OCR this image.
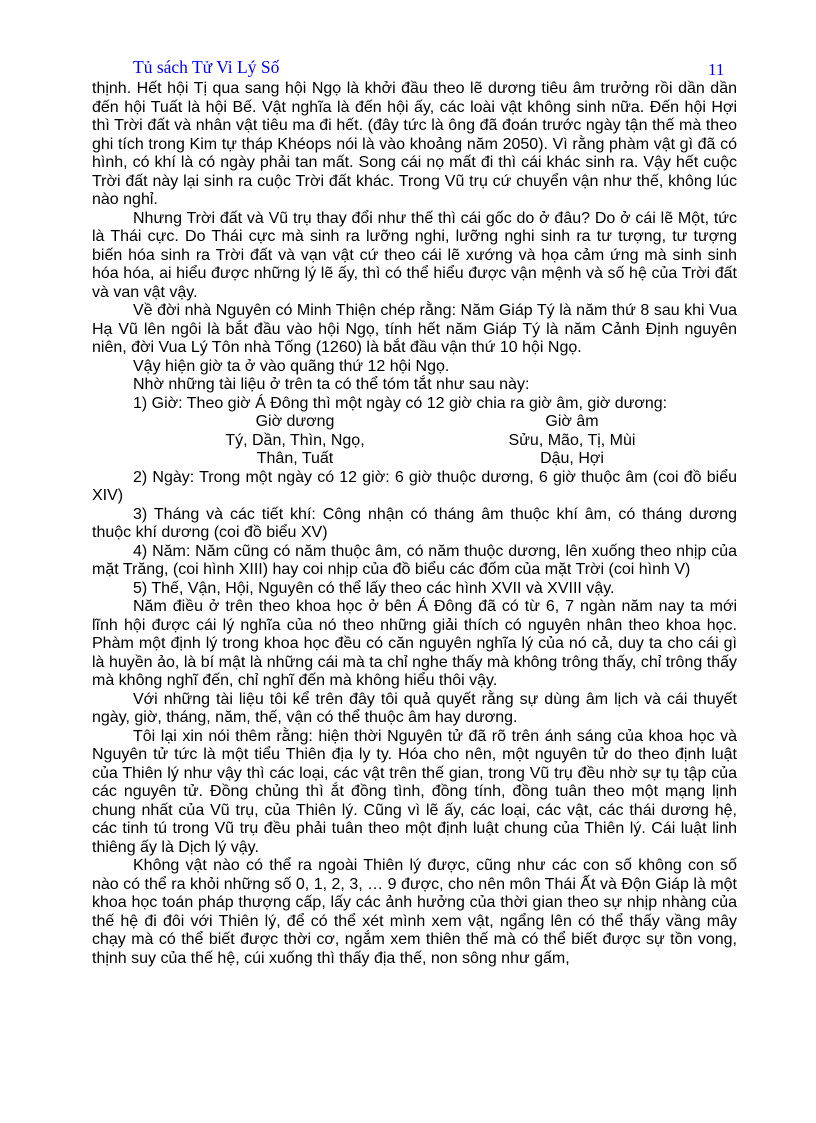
Tủ sách Tử Vi Lý Số	11

thịnh. Hết hội Tị qua sang hội Ngọ là khởi đầu theo lẽ dương tiêu âm trưởng rồi dần dần đến hội Tuất là hội Bế. Vật nghĩa là đến hội ấy, các loài vật không sinh nữa. Đến hội Hợi thì Trời đất và nhân vật tiêu ma đi hết. (đây tức là ông đã đoán trước ngày tận thế mà theo ghi tích trong Kim tự tháp Khéops nói là vào khoảng năm 2050). Vì rằng phàm vật gì đã có hình, có khí là có ngày phải tan mất. Song cái nọ mất đi thì cái khác sinh ra. Vậy hết cuộc Trời đất này lại sinh ra cuộc Trời đất khác. Trong Vũ trụ cứ chuyển vận như thế, không lúc nào nghỉ.

Nhưng Trời đất và Vũ trụ thay đổi như thế thì cái gốc do ở đâu? Do ở cái lẽ Một, tức là Thái cực. Do Thái cực mà sinh ra lưỡng nghi, lưỡng nghi sinh ra tư tượng, tư tượng biến hóa sinh ra Trời đất và vạn vật cứ theo cái lẽ xướng và họa cảm ứng mà sinh sinh hóa hóa, ai hiểu được những lý lẽ ấy, thì có thể hiểu được vận mệnh và số hệ của Trời đất và van vật vậy.

Về đời nhà Nguyên có Minh Thiện chép rằng: Năm Giáp Tý là năm thứ 8 sau khi Vua Hạ Vũ lên ngôi là bắt đầu vào hội Ngọ, tính hết năm Giáp Tý là năm Cảnh Định nguyên niên, đời Vua Lý Tôn nhà Tống (1260) là bắt đầu vận thứ 10 hội Ngọ.

Vậy hiện giờ ta ở vào quãng thứ 12 hội Ngọ.

Nhờ những tài liệu ở trên ta có thể tóm tắt như sau này:

1) Giờ: Theo giờ Á Đông thì một ngày có 12 giờ chia ra giờ âm, giờ dương:

Giờ dương	Giờ âm
Tý, Dần, Thìn, Ngọ,	Sửu, Mão, Tị, Mùi
Thân, Tuất	Dậu, Hợi

2) Ngày: Trong một ngày có 12 giờ: 6 giờ thuộc dương, 6 giờ thuộc âm (coi đồ biểu XIV)

3) Tháng và các tiết khí: Công nhận có tháng âm thuộc khí âm, có tháng dương thuộc khí dương (coi đồ biểu XV)

4) Năm: Năm cũng có năm thuộc âm, có năm thuộc dương, lên xuống theo nhịp của mặt Trăng, (coi hình XIII) hay coi nhịp của đồ biểu các đốm của mặt Trời (coi hình V)

5) Thế, Vận, Hội, Nguyên có thể lấy theo các hình XVII và XVIII vậy.

Năm điều ở trên theo khoa học ở bên Á Đông đã có từ 6, 7 ngàn năm nay ta mới lĩnh hội được cái lý nghĩa của nó theo những giải thích có nguyên nhân theo khoa học. Phàm một định lý trong khoa học đều có căn nguyên nghĩa lý của nó cả, duy ta cho cái gì là huyền ảo, là bí mật là những cái mà ta chỉ nghe thấy mà không trông thấy, chỉ trông thấy mà không nghĩ đến, chỉ nghĩ đến mà không hiểu thôi vậy.

Với những tài liệu tôi kể trên đây tôi quả quyết rằng sự dùng âm lịch và cái thuyết ngày, giờ, tháng, năm, thế, vận có thể thuộc âm hay dương.

Tôi lại xin nói thêm rằng: hiện thời Nguyên tử đã rõ trên ánh sáng của khoa học và Nguyên tử tức là một tiểu Thiên địa ly ty. Hóa cho nên, một nguyên tử do theo định luật của Thiên lý như vậy thì các loại, các vật trên thế gian, trong Vũ trụ đều nhờ sự tụ tập của các nguyên tử. Đồng chủng thì ắt đồng tình, đồng tính, đồng tuân theo một mạng lịnh chung nhất của Vũ trụ, của Thiên lý. Cũng vì lẽ ấy, các loại, các vật, các thái dương hệ, các tinh tú trong Vũ trụ đều phải tuân theo một định luật chung của Thiên lý. Cái luật linh thiêng ấy là Dịch lý vậy.

Không vật nào có thể ra ngoài Thiên lý được, cũng như các con số không con số nào có thể ra khỏi những số 0, 1, 2, 3, … 9 được, cho nên môn Thái Ất và Độn Giáp là một khoa học toán pháp thượng cấp, lấy các ảnh hưởng của thời gian theo sự nhịp nhàng của thế hệ đi đôi với Thiên lý, để có thể xét mình xem vật, ngẩng lên có thể thấy vầng mây chạy mà có thể biết được thời cơ, ngắm xem thiên thế mà có thể biết được sự tồn vong, thịnh suy của thế hệ, cúi xuống thì thấy địa thế, non sông như gấm,
